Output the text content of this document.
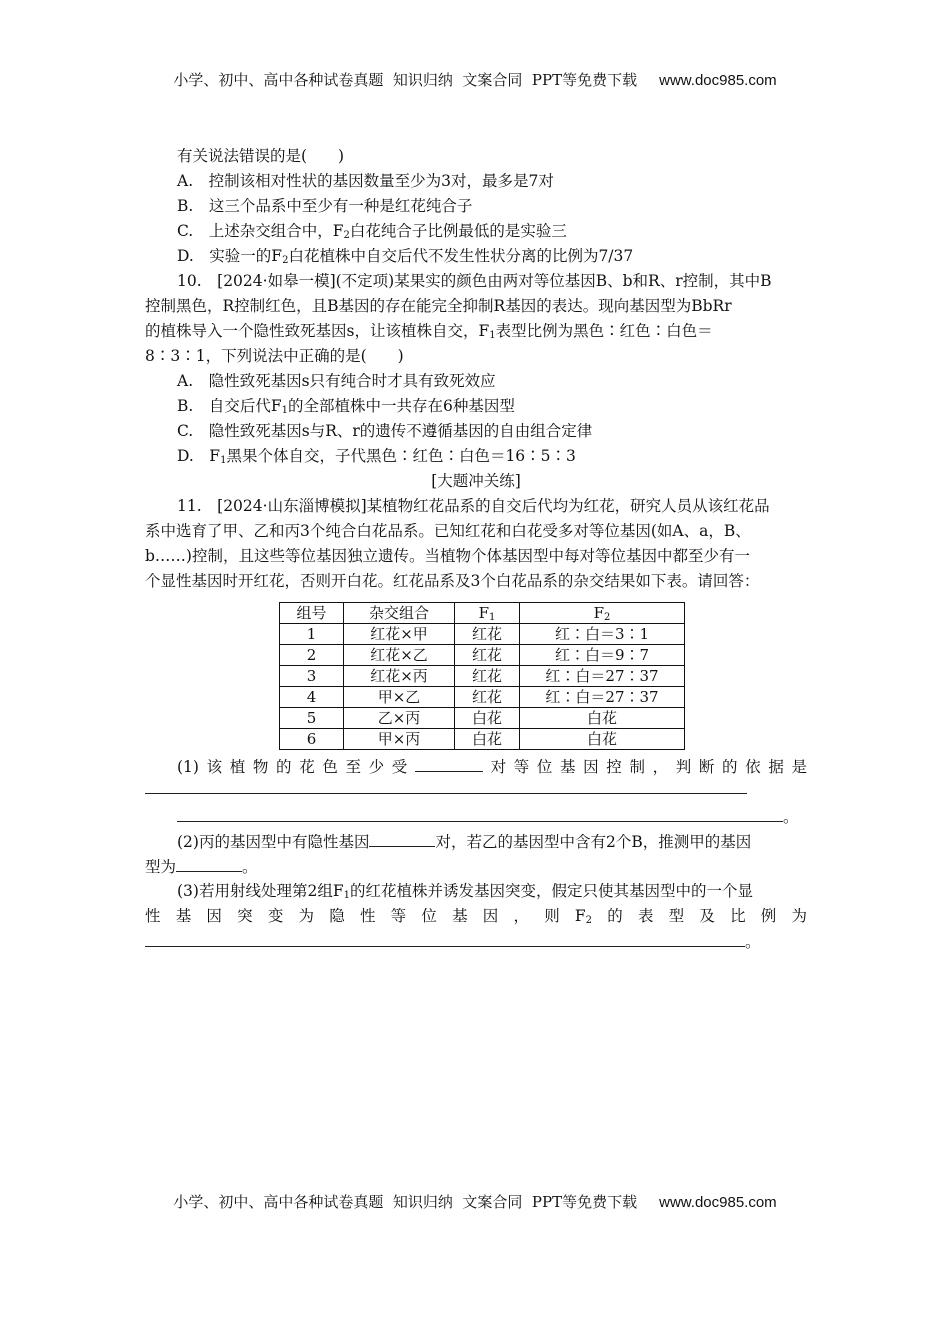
小学、初中、高中各种试卷真题  知识归纳  文案合同  PPT等免费下载 www.doc985.com
有关说法错误的是(　　)
A.　控制该相对性状的基因数量至少为3对，最多是7对
B.　这三个品系中至少有一种是红花纯合子
C.　上述杂交组合中，$F_2$白花纯合子比例最低的是实验三
D.　实验一的$F_2$白花植株中自交后代不发生性状分离的比例为7/37
10.　[2024·如皋一模](不定项)某果实的颜色由两对等位基因B、b和R、r控制，其中B
控制黑色，R控制红色，且B基因的存在能完全抑制R基因的表达。现向基因型为BbRr
的植株导入一个隐性致死基因s，让该植株自交，$F_1$表型比例为黑色∶红色∶白色＝
8∶3∶1，下列说法中正确的是(　　)
A.　隐性致死基因s只有纯合时才具有致死效应
B.　自交后代$F_1$的全部植株中一共存在6种基因型
C.　隐性致死基因s与R、r的遗传不遵循基因的自由组合定律
D.　$F_1$黑果个体自交，子代黑色∶红色∶白色＝16∶5∶3
[大题冲关练]
11.　[2024·山东淄博模拟]某植物红花品系的自交后代均为红花，研究人员从该红花品
系中选育了甲、乙和丙3个纯合白花品系。已知红花和白花受多对等位基因(如A、a，B、
b……)控制，且这些等位基因独立遗传。当植物个体基因型中每对等位基因中都至少有一
个显性基因时开红花，否则开白花。红花品系及3个白花品系的杂交结果如下表。请回答：
组号	杂交组合	$F_1$	$F_2$
1	红花×甲	红花	红∶白＝3∶1
2	红花×乙	红花	红∶白＝9∶7
3	红花×丙	红花	红∶白＝27∶37
4	甲×乙	红花	红∶白＝27∶37
5	乙×丙	白花	白花
6	甲×丙	白花	白花
(1)该植物的花色至少受	对等位基因控制，判断的依据是
。
(2)丙的基因型中有隐性基因	对，若乙的基因型中含有2个B，推测甲的基因
型为	。
(3)若用射线处理第2组$F_1$的红花植株并诱发基因突变，假定只使其基因型中的一个显
性基因突变为隐性等位基因，则$F_2$的表型及比例为
。
小学、初中、高中各种试卷真题  知识归纳  文案合同  PPT等免费下载 www.doc985.com
